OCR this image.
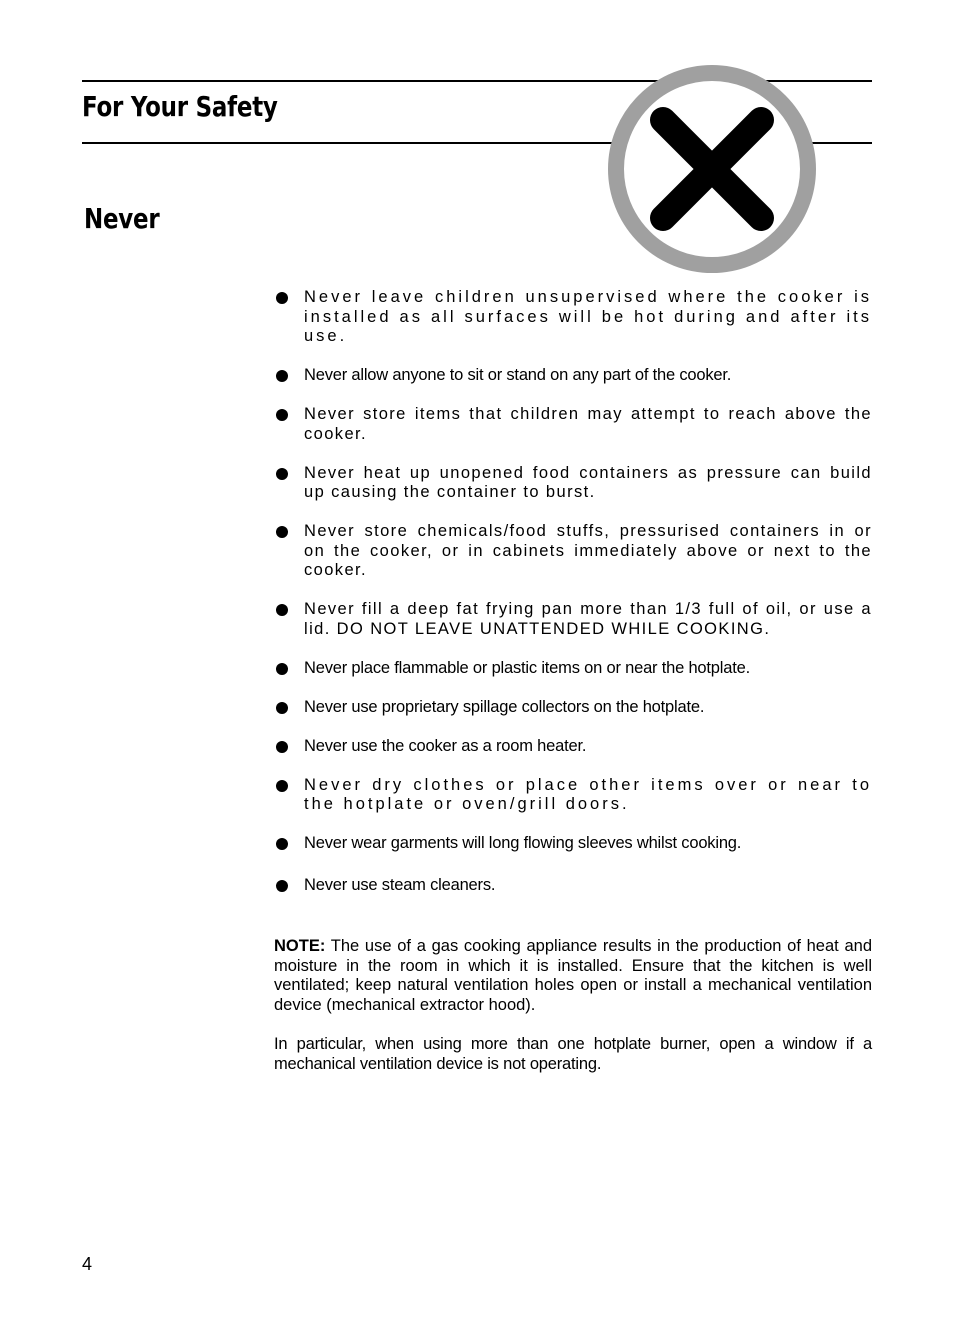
For Your Safety
Never
Never leave children unsupervised where the cooker is installed as all surfaces will be hot during and after its use.
Never allow anyone to sit or stand on any part of the cooker.
Never store items that children may attempt to reach above the cooker.
Never heat up unopened food containers as pressure can build up causing the container to burst.
Never store chemicals/food stuffs, pressurised containers in or on the cooker, or in cabinets immediately above or next to the cooker.
Never fill a deep fat frying pan more than 1/3 full of oil, or use a lid. DO NOT LEAVE UNATTENDED WHILE COOKING.
Never place flammable or plastic items on or near the hotplate.
Never use proprietary spillage collectors on the hotplate.
Never use the cooker as a room heater.
Never dry clothes or place other items over or near to the hotplate or oven/grill doors.
Never wear garments will long flowing sleeves whilst cooking.
Never use steam cleaners.

NOTE: The use of a gas cooking appliance results in the production of heat and moisture in the room in which it is installed. Ensure that the kitchen is well ventilated; keep natural ventilation holes open or install a mechanical ventilation device (mechanical extractor hood).

In particular, when using more than one hotplate burner, open a window if a mechanical ventilation device is not operating.

4
